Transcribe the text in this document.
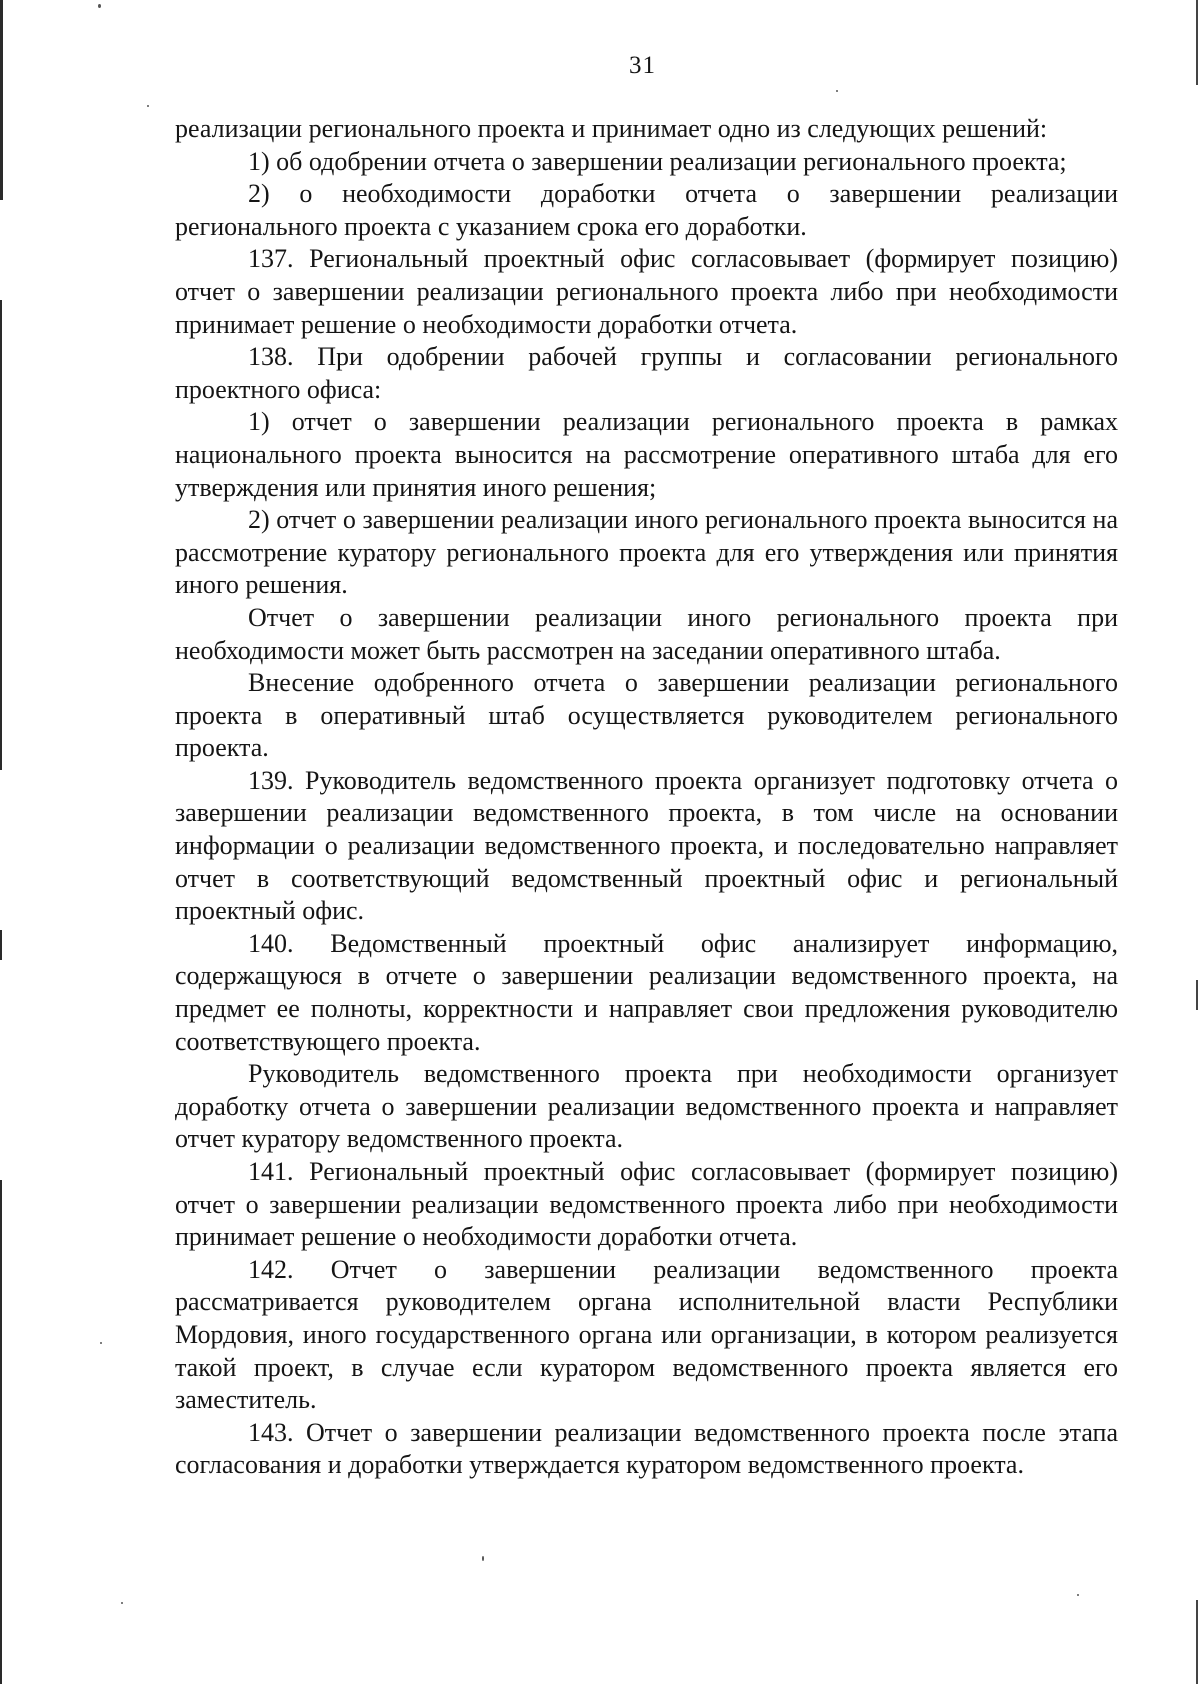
31

реализации регионального проекта и принимает одно из следующих решений:

1) об одобрении отчета о завершении реализации регионального проекта;

2) о необходимости доработки отчета о завершении реализации регионального проекта с указанием срока его доработки.

137. Региональный проектный офис согласовывает (формирует позицию) отчет о завершении реализации регионального проекта либо при необходимости принимает решение о необходимости доработки отчета.

138. При одобрении рабочей группы и согласовании регионального проектного офиса:

1) отчет о завершении реализации регионального проекта в рамках национального проекта выносится на рассмотрение оперативного штаба для его утверждения или принятия иного решения;

2) отчет о завершении реализации иного регионального проекта выносится на рассмотрение куратору регионального проекта для его утверждения или принятия иного решения.

Отчет о завершении реализации иного регионального проекта при необходимости может быть рассмотрен на заседании оперативного штаба.

Внесение одобренного отчета о завершении реализации регионального проекта в оперативный штаб осуществляется руководителем регионального проекта.

139. Руководитель ведомственного проекта организует подготовку отчета о завершении реализации ведомственного проекта, в том числе на основании информации о реализации ведомственного проекта, и последовательно направляет отчет в соответствующий ведомственный проектный офис и региональный проектный офис.

140. Ведомственный проектный офис анализирует информацию, содержащуюся в отчете о завершении реализации ведомственного проекта, на предмет ее полноты, корректности и направляет свои предложения руководителю соответствующего проекта.

Руководитель ведомственного проекта при необходимости организует доработку отчета о завершении реализации ведомственного проекта и направляет отчет куратору ведомственного проекта.

141. Региональный проектный офис согласовывает (формирует позицию) отчет о завершении реализации ведомственного проекта либо при необходимости принимает решение о необходимости доработки отчета.

142. Отчет о завершении реализации ведомственного проекта рассматривается руководителем органа исполнительной власти Республики Мордовия, иного государственного органа или организации, в котором реализуется такой проект, в случае если куратором ведомственного проекта является его заместитель.

143. Отчет о завершении реализации ведомственного проекта после этапа согласования и доработки утверждается куратором ведомственного проекта.
